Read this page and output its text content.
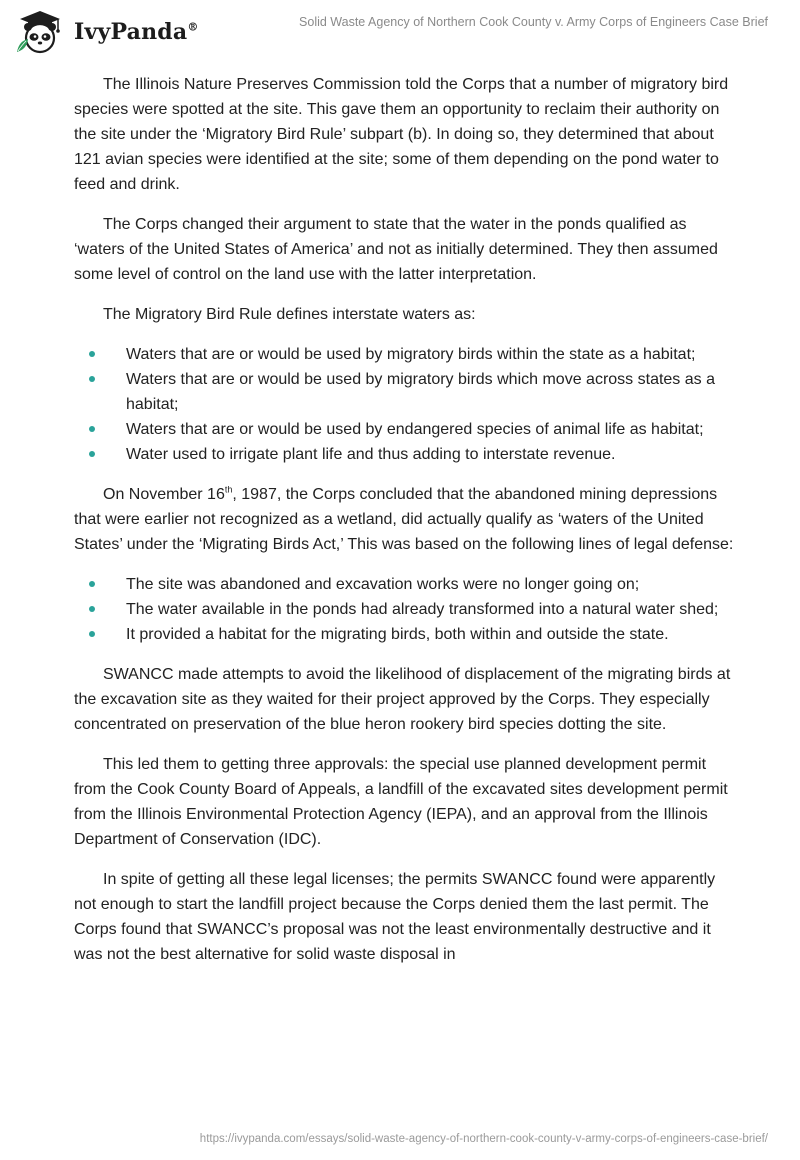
IvyPanda®	Solid Waste Agency of Northern Cook County v. Army Corps of Engineers Case Brief

The Illinois Nature Preserves Commission told the Corps that a number of migratory bird species were spotted at the site. This gave them an opportunity to reclaim their authority on the site under the ‘Migratory Bird Rule’ subpart (b). In doing so, they determined that about 121 avian species were identified at the site; some of them depending on the pond water to feed and drink.

The Corps changed their argument to state that the water in the ponds qualified as ‘waters of the United States of America’ and not as initially determined. They then assumed some level of control on the land use with the latter interpretation.

The Migratory Bird Rule defines interstate waters as:

Waters that are or would be used by migratory birds within the state as a habitat;
Waters that are or would be used by migratory birds which move across states as a habitat;
Waters that are or would be used by endangered species of animal life as habitat;
Water used to irrigate plant life and thus adding to interstate revenue.

On November 16th, 1987, the Corps concluded that the abandoned mining depressions that were earlier not recognized as a wetland, did actually qualify as ‘waters of the United States’ under the ‘Migrating Birds Act,’ This was based on the following lines of legal defense:

The site was abandoned and excavation works were no longer going on;
The water available in the ponds had already transformed into a natural water shed;
It provided a habitat for the migrating birds, both within and outside the state.

SWANCC made attempts to avoid the likelihood of displacement of the migrating birds at the excavation site as they waited for their project approved by the Corps. They especially concentrated on preservation of the blue heron rookery bird species dotting the site.

This led them to getting three approvals: the special use planned development permit from the Cook County Board of Appeals, a landfill of the excavated sites development permit from the Illinois Environmental Protection Agency (IEPA), and an approval from the Illinois Department of Conservation (IDC).

In spite of getting all these legal licenses; the permits SWANCC found were apparently not enough to start the landfill project because the Corps denied them the last permit. The Corps found that SWANCC’s proposal was not the least environmentally destructive and it was not the best alternative for solid waste disposal in

https://ivypanda.com/essays/solid-waste-agency-of-northern-cook-county-v-army-corps-of-engineers-case-brief/
